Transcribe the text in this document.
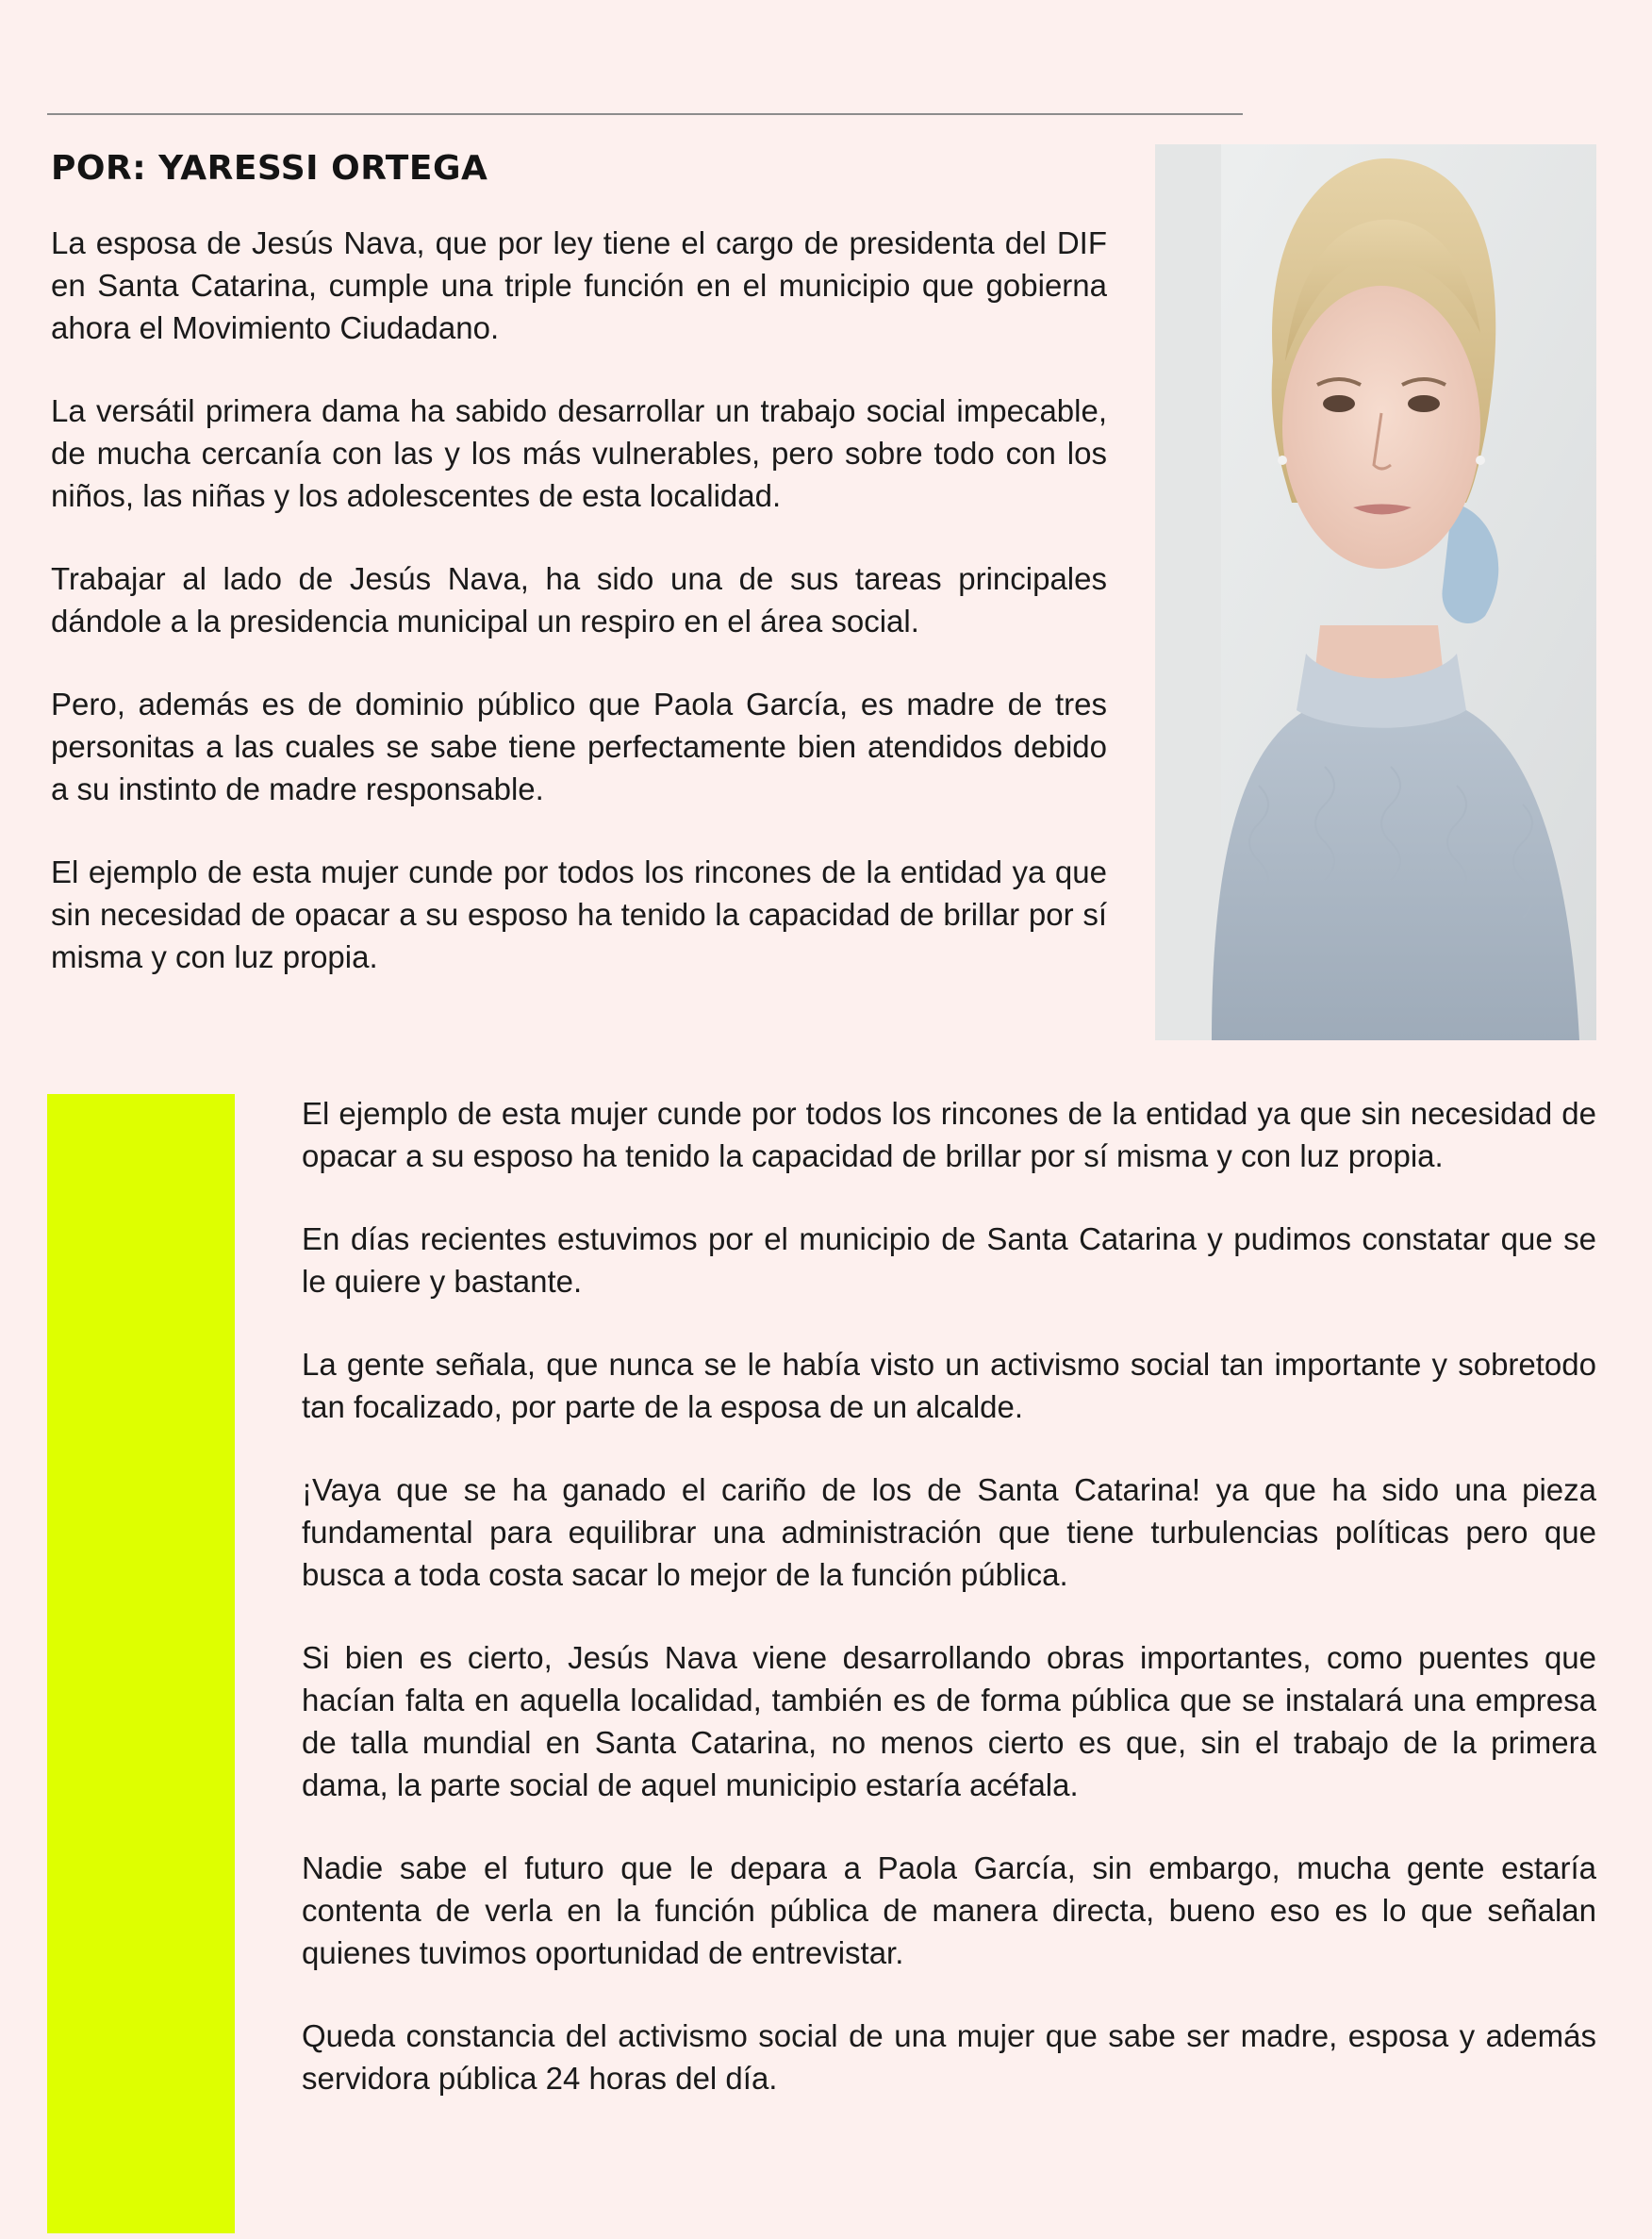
POR: YARESSI ORTEGA

La esposa de Jesús Nava, que por ley tiene el cargo de presidenta del DIF en Santa Catarina, cumple una triple función en el municipio que gobierna ahora el Movimiento Ciudadano.

La versátil primera dama ha sabido desarrollar un trabajo social impecable, de mucha cercanía con las y los más vulnerables, pero sobre todo con los niños, las niñas y los adolescentes de esta localidad.

Trabajar al lado de Jesús Nava, ha sido una de sus tareas principales dándole a la presidencia municipal un respiro en el área social.

Pero, además es de dominio público que Paola García, es madre de tres personitas a las cuales se sabe tiene perfectamente bien atendidos debido a su instinto de madre responsable.

El ejemplo de esta mujer cunde por todos los rincones de la entidad ya que sin necesidad de opacar a su esposo ha tenido la capacidad de brillar por sí misma y con luz propia.

El ejemplo de esta mujer cunde por todos los rincones de la entidad ya que sin necesidad de opacar a su esposo ha tenido la capacidad de brillar por sí misma y con luz propia.

En días recientes estuvimos por el municipio de Santa Catarina y pudimos constatar que se le quiere y bastante.

La gente señala, que nunca se le había visto un activismo social tan importante y sobretodo tan focalizado, por parte de la esposa de un alcalde.

¡Vaya que se ha ganado el cariño de los de Santa Catarina! ya que ha sido una pieza fundamental para equilibrar una administración que tiene turbulencias políticas pero que busca a toda costa sacar lo mejor de la función pública.

Si bien es cierto, Jesús Nava viene desarrollando obras importantes, como puentes que hacían falta en aquella localidad, también es de forma pública que se instalará una empresa de talla mundial en Santa Catarina, no menos cierto es que, sin el trabajo de la primera dama, la parte social de aquel municipio estaría acéfala.

Nadie sabe el futuro que le depara a Paola García, sin embargo, mucha gente estaría contenta de verla en la función pública de manera directa, bueno eso es lo que señalan quienes tuvimos oportunidad de entrevistar.

Queda constancia del activismo social de una mujer que sabe ser madre, esposa y además servidora pública 24 horas del día.
